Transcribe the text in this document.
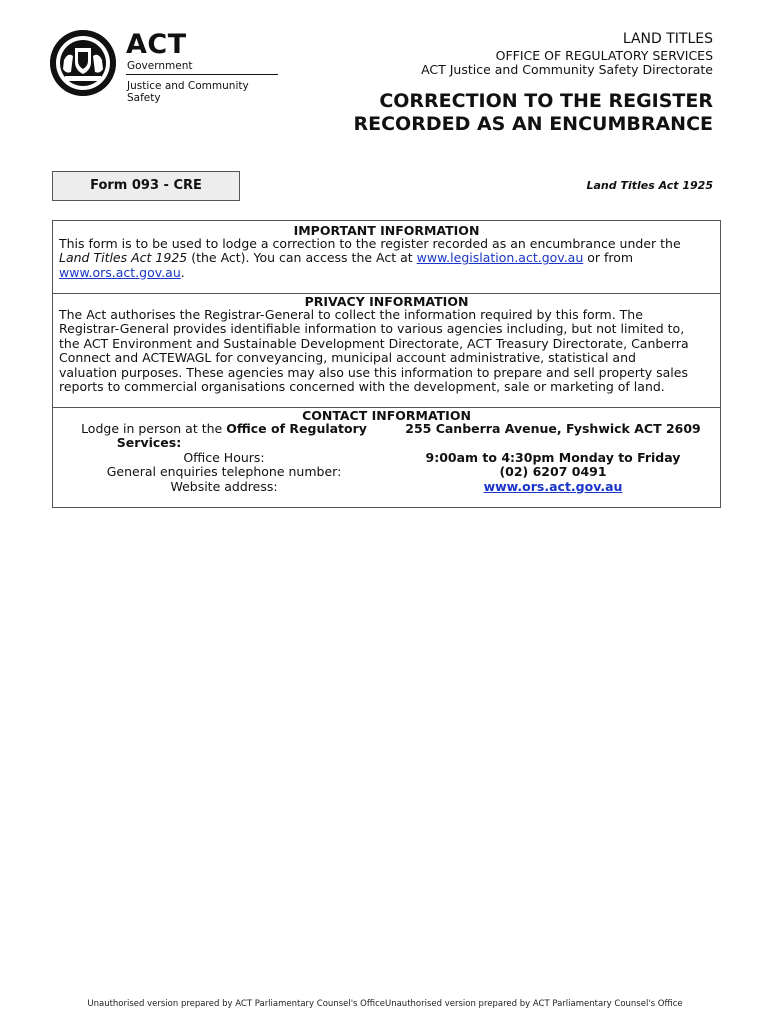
ACT
Government
Justice and Community Safety
LAND TITLES
OFFICE OF REGULATORY SERVICES
ACT Justice and Community Safety Directorate
CORRECTION TO THE REGISTER
RECORDED AS AN ENCUMBRANCE
Form 093 - CRE	Land Titles Act 1925
IMPORTANT INFORMATION
This form is to be used to lodge a correction to the register recorded as an encumbrance under the
Land Titles Act 1925 (the Act). You can access the Act at www.legislation.act.gov.au or from
www.ors.act.gov.au.
PRIVACY INFORMATION
The Act authorises the Registrar-General to collect the information required by this form. The
Registrar-General provides identifiable information to various agencies including, but not limited to,
the ACT Environment and Sustainable Development Directorate, ACT Treasury Directorate, Canberra
Connect and ACTEWAGL for conveyancing, municipal account administrative, statistical and
valuation purposes. These agencies may also use this information to prepare and sell property sales
reports to commercial organisations concerned with the development, sale or marketing of land.
CONTACT INFORMATION
Lodge in person at the Office of Regulatory
Services:
Office Hours:
General enquiries telephone number:
Website address:
255 Canberra Avenue, Fyshwick ACT 2609
9:00am to 4:30pm Monday to Friday
(02) 6207 0491
www.ors.act.gov.au
Unauthorised version prepared by ACT Parliamentary Counsel's OfficeUnauthorised version prepared by ACT Parliamentary Counsel's Office
